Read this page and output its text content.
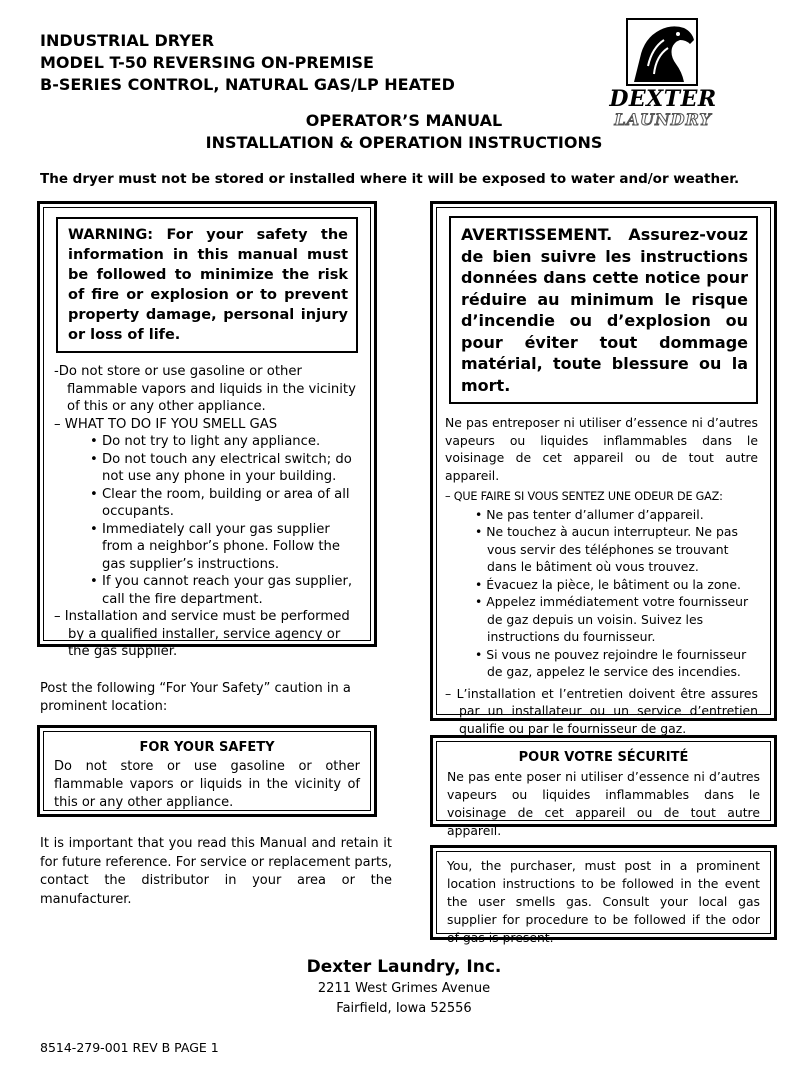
INDUSTRIAL DRYER
MODEL T-50 REVERSING ON-PREMISE
B-SERIES CONTROL, NATURAL GAS/LP HEATED
DEXTER
LAUNDRY
OPERATOR’S MANUAL
INSTALLATION & OPERATION INSTRUCTIONS
The dryer must not be stored or installed where it will be exposed to water and/or weather.
WARNING: For your safety the information in this manual must be followed to minimize the risk of fire or explosion or to prevent property damage, personal injury or loss of life.

-Do not store or use gasoline or other flammable vapors and liquids in the vicinity of this or any other appliance.

– WHAT TO DO IF YOU SMELL GAS

• Do not try to light any appliance.

• Do not touch any electrical switch; do not use any phone in your building.

• Clear the room, building or area of all occupants.

• Immediately call your gas supplier from a neighbor’s phone. Follow the gas supplier’s instructions.

• If you cannot reach your gas supplier, call the fire department.

– Installation and service must be performed by a qualified installer, service agency or the gas supplier.

AVERTISSEMENT. Assurez-vouz de bien suivre les instructions données dans cette notice pour réduire au minimum le risque d’incendie ou d’explosion ou pour éviter tout dommage matérial, toute blessure ou la mort.

Ne pas entreposer ni utiliser d’essence ni d’autres vapeurs ou liquides inflammables dans le voisinage de cet appareil ou de tout autre appareil.

– QUE FAIRE SI VOUS SENTEZ UNE ODEUR DE GAZ:

• Ne pas tenter d’allumer d’appareil.

• Ne touchez à aucun interrupteur. Ne pas vous servir des téléphones se trouvant dans le bâtiment où vous trouvez.

• Évacuez la pièce, le bâtiment ou la zone.

• Appelez immédiatement votre fournisseur de gaz depuis un voisin. Suivez les instructions du fournisseur.

• Si vous ne pouvez rejoindre le fournisseur de gaz, appelez le service des incendies.

– L’installation et l’entretien doivent être assures par un installateur ou un service d’entretien qualifie ou par le fournisseur de gaz.

Post the following “For Your Safety” caution in a prominent location:
FOR YOUR SAFETY
Do not store or use gasoline or other flammable vapors or liquids in the vicinity of this or any other appliance.
POUR VOTRE SÉCURITÉ
Ne pas ente poser ni utiliser d’essence ni d’autres vapeurs ou liquides inflammables dans le voisinage de cet appareil ou de tout autre appareil.
It is important that you read this Manual and retain it for future reference. For service or replacement parts, contact the distributor in your area or the manufacturer.
You, the purchaser, must post in a prominent location instructions to be followed in the event the user smells gas. Consult your local gas supplier for procedure to be followed if the odor of gas is present.
Dexter Laundry, Inc.
2211 West Grimes Avenue
Fairfield, Iowa 52556
8514-279-001 REV B PAGE 1
